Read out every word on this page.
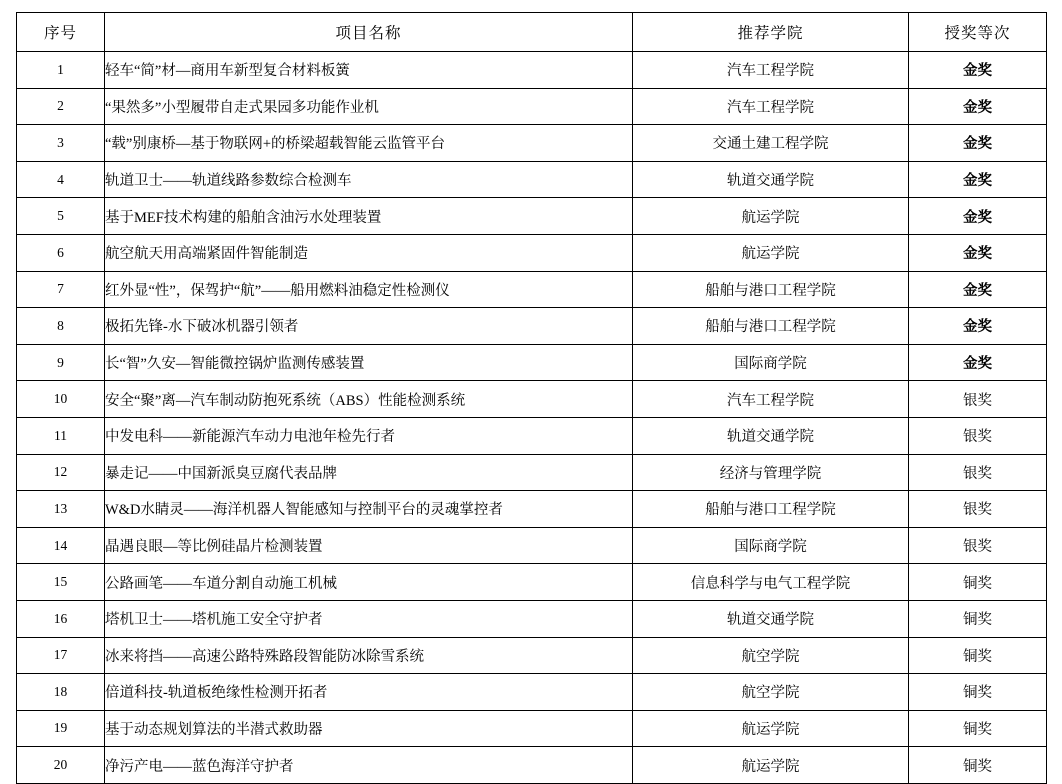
序号	项目名称	推荐学院	授奖等次
1	轻车“简”材—商用车新型复合材料板簧	汽车工程学院	金奖
2	“果然多”小型履带自走式果园多功能作业机	汽车工程学院	金奖
3	“载”别康桥—基于物联网+的桥梁超载智能云监管平台	交通土建工程学院	金奖
4	轨道卫士——轨道线路参数综合检测车	轨道交通学院	金奖
5	基于MEF技术构建的船舶含油污水处理装置	航运学院	金奖
6	航空航天用高端紧固件智能制造	航运学院	金奖
7	红外显“性”，保驾护“航”——船用燃料油稳定性检测仪	船舶与港口工程学院	金奖
8	极拓先锋-水下破冰机器引领者	船舶与港口工程学院	金奖
9	长“智”久安—智能微控锅炉监测传感装置	国际商学院	金奖
10	安全“聚”离—汽车制动防抱死系统（ABS）性能检测系统	汽车工程学院	银奖
11	中发电科——新能源汽车动力电池年检先行者	轨道交通学院	银奖
12	暴走记——中国新派臭豆腐代表品牌	经济与管理学院	银奖
13	W&D水睛灵——海洋机器人智能感知与控制平台的灵魂掌控者	船舶与港口工程学院	银奖
14	晶遇良眼—等比例硅晶片检测装置	国际商学院	银奖
15	公路画笔——车道分割自动施工机械	信息科学与电气工程学院	铜奖
16	塔机卫士——塔机施工安全守护者	轨道交通学院	铜奖
17	冰来将挡——高速公路特殊路段智能防冰除雪系统	航空学院	铜奖
18	倍道科技-轨道板绝缘性检测开拓者	航空学院	铜奖
19	基于动态规划算法的半潜式救助器	航运学院	铜奖
20	净污产电——蓝色海洋守护者	航运学院	铜奖
